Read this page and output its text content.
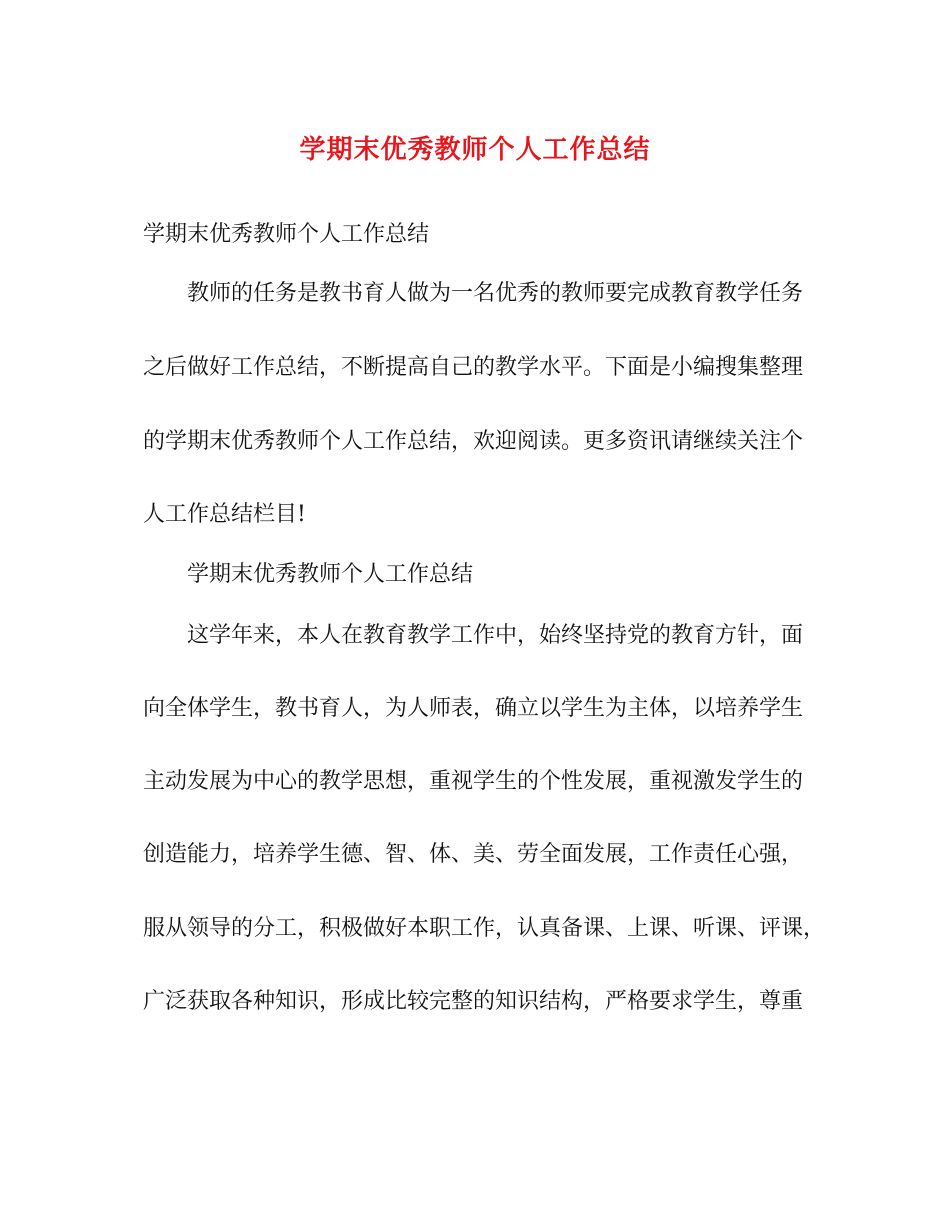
学期末优秀教师个人工作总结
学期末优秀教师个人工作总结
教师的任务是教书育人做为一名优秀的教师要完成教育教学任务
之后做好工作总结，不断提高自己的教学水平。下面是小编搜集整理
的学期末优秀教师个人工作总结，欢迎阅读。更多资讯请继续关注个
人工作总结栏目!
学期末优秀教师个人工作总结
这学年来，本人在教育教学工作中，始终坚持党的教育方针，面
向全体学生，教书育人，为人师表，确立以学生为主体，以培养学生
主动发展为中心的教学思想，重视学生的个性发展，重视激发学生的
创造能力，培养学生德、智、体、美、劳全面发展，工作责任心强，
服从领导的分工，积极做好本职工作，认真备课、上课、听课、评课，
广泛获取各种知识，形成比较完整的知识结构，严格要求学生，尊重
